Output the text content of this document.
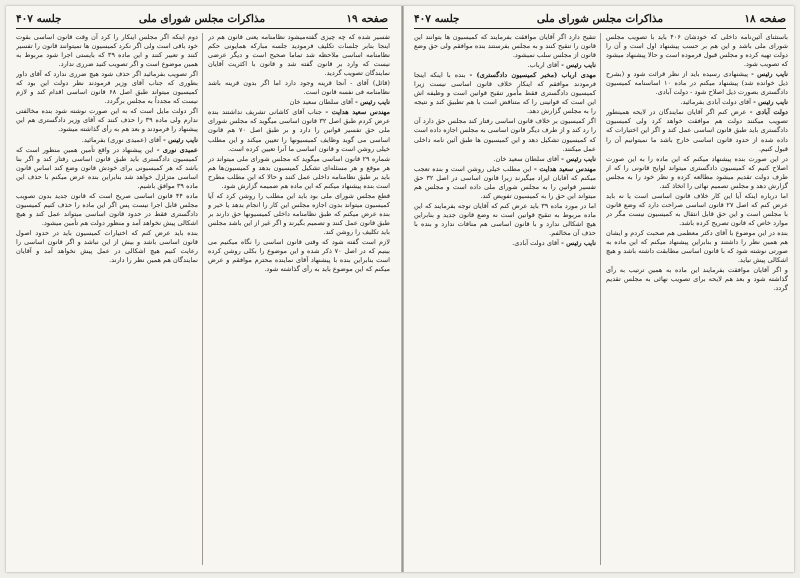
صفحه ۱۹
مذاکرات مجلس شورای ملی
جلسه ۴۰۷

تفسیر شده که چه چیزی گفته‌میشود نظامنامه یعنی قانون هم در اینجا بنابر جلسات تکلیف فرمودید جلسه مبارکه همایونی حکم نظامنامه اساسی ملاحظه شد تماما صحیح است و دیگر عرضی نیست که وارد بر قانون گفته شد و قانون با اکثریت آقایان نمایندگان تصویب گردید.

(قائل) آقای - آنجا قرینه وجود دارد اما اگر بدون قرینه باشد نظامنامه فی نفسه قانون است.

نایب رئیس - آقای سلطان سعید خان

مهندس سعید هدایت - جناب آقای کاشانی تشریف نداشتند بنده عرض کردم طبق اصل ۳۲ قانون اساسی میگوید که مجلس شورای ملی حق تفسیر قوانین را دارد و بر طبق اصل ۷۰ هم قانون اساسی می گوید وظایف کمیسیونها را تعیین میکند و این مطلب خیلی روشن است و قانون اساسی ما آنرا تعیین کرده است.

شماره ۲۹ قانون اساسی میگوید که مجلس شورای ملی میتواند در هر موقع و هر مسئله‌ای تشکیل کمیسیون بدهد و کمیسیون‌ها هم باید بر طبق نظامنامه داخلی عمل کنند و حالا که این مطلب مطرح است بنده پیشنهاد میکنم که این ماده هم ضمیمه گزارش شود.

قطع مجلس شورای ملی بود باید این مطلب را روشن کرد که آیا کمیسیون میتواند بدون اجازه مجلس این کار را انجام بدهد یا خیر و بنده عرض میکنم که طبق نظامنامه داخلی کمیسیونها حق دارند بر طبق قانون عمل کنند و تصمیم بگیرند و اگر غیر از این باشد مجلس باید تکلیف را روشن کند.

لازم است گفته شود که وقتی قانون اساسی را نگاه میکنیم می بینیم که در اصل ۷۰ ذکر شده و این موضوع را بکلی روشن کرده است بنابراین بنده با پیشنهاد آقای نماینده محترم موافقم و عرض میکنم که این موضوع باید به رأی گذاشته شود.

دوم اینکه اگر مجلس اینکار را کرد آن وقت قانون اساسی بقوت خود باقی است ولی اگر نکرد کمیسیون ها نمیتوانند قانون را تفسیر کنند و تعبیر کنند و این ماده ۳۹ که بایستی اجرا شود مربوط به همین موضوع است و اگر تصویب کنید ضرری ندارد.

اگر تصویب بفرمائید اگر حذف شود هیچ ضرری ندارد که آقای داور بطوری که جناب آقای وزیر فرمودند نظر دولت این بود که کمیسیون میتواند طبق اصل ۶۸ قانون اساسی اقدام کند و لازم نیست که مجدداً به مجلس برگردد.

اگر دولت مایل است که به این صورت نوشته شود بنده مخالفتی ندارم ولی ماده ۳۹ را حذف کنند که آقای وزیر دادگستری هم این پیشنهاد را فرمودند و بعد هم به رأی گذاشته میشود.

نایب رئیس - آقای (عمیدی نوری) بفرمائید.

عمیدی نوری - این پیشنهاد در واقع تأمین همین منظور است که کمیسیون دادگستری باید طبق قانون اساسی رفتار کند و اگر بنا باشد که هر کمیسیونی برای خودش قانون وضع کند اساس قانون اساسی متزلزل خواهد شد بنابراین بنده عرض میکنم با حذف این ماده ۳۹ موافق باشیم.

ماده ۴۴ قانون اساسی صریح است که قانون جدید بدون تصویب مجلس قابل اجرا نیست پس اگر این ماده را حذف کنیم کمیسیون دادگستری فقط در حدود قانون اساسی میتواند عمل کند و هیچ اشکالی پیش نخواهد آمد و منظور دولت هم تأمین میشود.

بنده باید عرض کنم که اختیارات کمیسیون باید در حدود اصول قانون اساسی باشد و بیش از این نباشد و اگر قانون اساسی را رعایت کنیم هیچ اشکالی در عمل پیش نخواهد آمد و آقایان نمایندگان هم همین نظر را دارند.

صفحه ۱۸
مذاکرات مجلس شورای ملی
جلسه ۴۰۷

باستثنای آئین‌نامه داخلی که خودشان ۴۰۶ باید با تصویب مجلس شورای ملی باشد و این هم بر حسب پیشنهاد اول است و آن را دولت تهیه کرده و مجلس قبول فرموده است و حالا پیشنهاد میشود که تصویب شود.

نایب رئیس - پیشنهادی رسیده باید از نظر قرائت شود و (بشرح ذیل خوانده شد) پیشنهاد میکنم در ماده ۱۰ اساسنامه کمیسیون دادگستری بصورت ذیل اصلاح شود - دولت آبادی.

نایب رئیس - آقای دولت آبادی بفرمائید.

دولت آبادی - عرض کنم اگر آقایان نمایندگان در لایحه همینطور تصویب میکنند دولت هم موافقت خواهد کرد ولی کمیسیون دادگستری باید طبق قانون اساسی عمل کند و اگر این اختیارات که داده شده از حدود قانون اساسی خارج باشد ما نمیتوانیم آن را قبول کنیم.

در این صورت بنده پیشنهاد میکنم که این ماده را به این صورت اصلاح کنیم که کمیسیون دادگستری میتواند لوایح قانونی را که از طرف دولت تقدیم میشود مطالعه کرده و نظر خود را به مجلس گزارش دهد و مجلس تصمیم نهائی را اتخاذ کند.

اما درباره اینکه آیا این کار خلاف قانون اساسی است یا نه باید عرض کنم که اصل ۲۷ قانون اساسی صراحت دارد که وضع قانون با مجلس است و این حق قابل انتقال به کمیسیون نیست مگر در موارد خاص که قانون تصریح کرده باشد.

بنده در این موضوع با آقای دکتر معظمی هم صحبت کردم و ایشان هم همین نظر را داشتند و بنابراین پیشنهاد میکنم که این ماده به صورتی نوشته شود که با قانون اساسی مطابقت داشته باشد و هیچ اشکالی پیش نیاید.

و اگر آقایان موافقت بفرمایند این ماده به همین ترتیب به رأی گذاشته شود و بعد هم لایحه برای تصویب نهائی به مجلس تقدیم گردد.

تنقیح دارد اگر آقایان موافقت بفرمایند که کمیسیون ها بتوانند این قانون را تنقیح کنند و به مجلس بفرستند بنده موافقم ولی حق وضع قانون از مجلس سلب نمیشود.

نایب رئیس - آقای ارباب.

مهدی ارباب (مخبر کمیسیون دادگستری) - بنده با اینکه اینجا فرمودند موافقم که اینکار خلاف قانون اساسی نیست زیرا کمیسیون دادگستری فقط مأمور تنقیح قوانین است و وظیفه اش این است که قوانینی را که متناقض است با هم تطبیق کند و نتیجه را به مجلس گزارش دهد.

اگر کمیسیون بر خلاف قانون اساسی رفتار کند مجلس حق دارد آن را رد کند و از طرف دیگر قانون اساسی به مجلس اجازه داده است که کمیسیون تشکیل دهد و این کمیسیون ها طبق آئین نامه داخلی عمل میکنند.

نایب رئیس - آقای سلطان سعید خان.

مهندس سعید هدایت - این مطلب خیلی روشن است و بنده تعجب میکنم که آقایان ایراد میگیرند زیرا قانون اساسی در اصل ۳۲ حق تفسیر قوانین را به مجلس شورای ملی داده است و مجلس هم میتواند این حق را به کمیسیون تفویض کند.

اما در مورد ماده ۳۹ باید عرض کنم که آقایان توجه بفرمایند که این ماده مربوط به تنقیح قوانین است نه وضع قانون جدید و بنابراین هیچ اشکالی ندارد و با قانون اساسی هم منافات ندارد و بنده با حذف آن مخالفم.

نایب رئیس - آقای دولت آبادی.
